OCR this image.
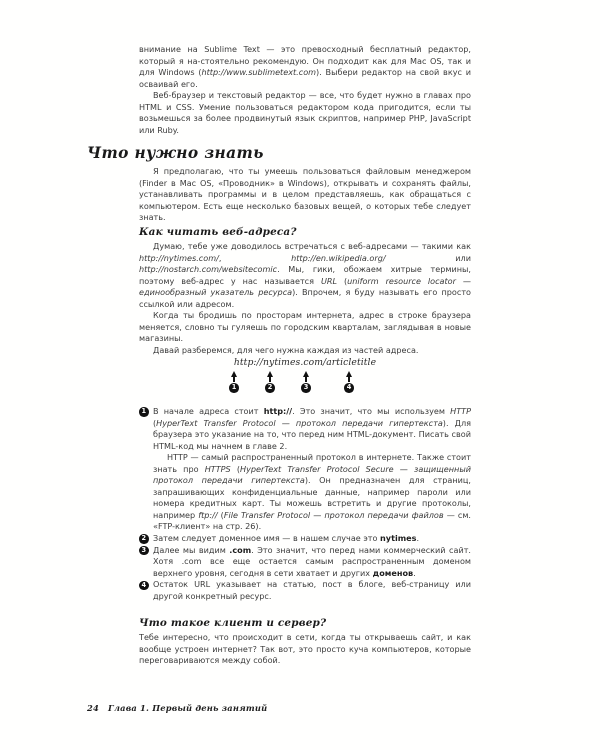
внимание на Sublime Text — это превосходный бесплатный редактор, который я на-стоятельно рекомендую. Он подходит как для Mac OS, так и для Windows (http://www.sublimetext.com). Выбери редактор на свой вкус и осваивай его.

Веб-браузер и текстовый редактор — все, что будет нужно в главах про HTML и CSS. Умение пользоваться редактором кода пригодится, если ты возьмешься за более продвинутый язык скриптов, например PHP, JavaScript или Ruby.

Что нужно знать

Я предполагаю, что ты умеешь пользоваться файловым менеджером (Finder в Mac OS, «Проводник» в Windows), открывать и сохранять файлы, устанавливать программы и в целом представляешь, как обращаться с компьютером. Есть еще несколько базовых вещей, о которых тебе следует знать.

Как читать веб-адреса?

Думаю, тебе уже доводилось встречаться с веб-адресами — такими как http://nytimes.com/, http://en.wikipedia.org/ или http://nostarch.com/websitecomic. Мы, гики, обожаем хитрые термины, поэтому веб-адрес у нас называется URL (uniform resource locator — единообразный указатель ресурса). Впрочем, я буду называть его просто ссылкой или адресом.

Когда ты бродишь по просторам интернета, адрес в строке браузера меняется, словно ты гуляешь по городским кварталам, заглядывая в новые магазины.

Давай разберемся, для чего нужна каждая из частей адреса.

http://nytimes.com/articletitle
1	2	3	4
1 В начале адреса стоит http://. Это значит, что мы используем HTTP (HyperText Transfer Protocol — протокол передачи гипертекста). Для браузера это указание на то, что перед ним HTML-документ. Писать свой HTML-код мы начнем в главе 2.

HTTP — самый распространенный протокол в интернете. Также стоит знать про HTTPS (HyperText Transfer Protocol Secure — защищенный протокол передачи гипертекста). Он предназначен для страниц, запрашивающих конфиденциальные данные, например пароли или номера кредитных карт. Ты можешь встретить и другие протоколы, например ftp:// (File Transfer Protocol — протокол передачи файлов — см. «FTP-клиент» на стр. 26).

2 Затем следует доменное имя — в нашем случае это nytimes.

3 Далее мы видим .com. Это значит, что перед нами коммерческий сайт. Хотя .com все еще остается самым распространенным доменом верхнего уровня, сегодня в сети хватает и других доменов.

4 Остаток URL указывает на статью, пост в блоге, веб-страницу или другой конкретный ресурс.

Что такое клиент и сервер?

Тебе интересно, что происходит в сети, когда ты открываешь сайт, и как вообще устроен интернет? Так вот, это просто куча компьютеров, которые переговариваются между собой.

24 Глава 1. Первый день занятий
